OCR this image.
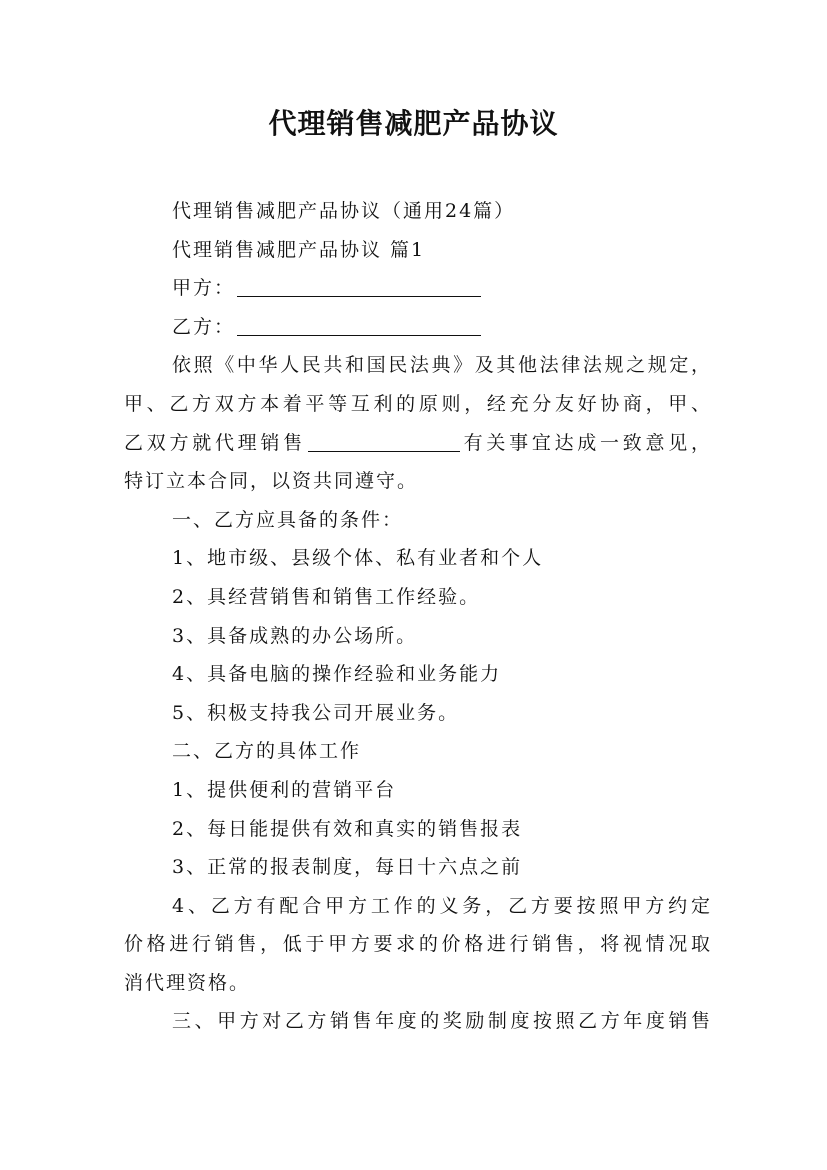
代理销售减肥产品协议
代理销售减肥产品协议（通用24篇）
代理销售减肥产品协议 篇1
甲方：
乙方：
依照《中华人民共和国民法典》及其他法律法规之规定，
甲、乙方双方本着平等互利的原则，经充分友好协商，甲、
乙双方就代理销售	有关事宜达成一致意见，
特订立本合同，以资共同遵守。
一、乙方应具备的条件：
1、地市级、县级个体、私有业者和个人
2、具经营销售和销售工作经验。
3、具备成熟的办公场所。
4、具备电脑的操作经验和业务能力
5、积极支持我公司开展业务。
二、乙方的具体工作
1、提供便利的营销平台
2、每日能提供有效和真实的销售报表
3、正常的报表制度，每日十六点之前
4、乙方有配合甲方工作的义务，乙方要按照甲方约定
价格进行销售，低于甲方要求的价格进行销售，将视情况取
消代理资格。
三、甲方对乙方销售年度的奖励制度按照乙方年度销售
